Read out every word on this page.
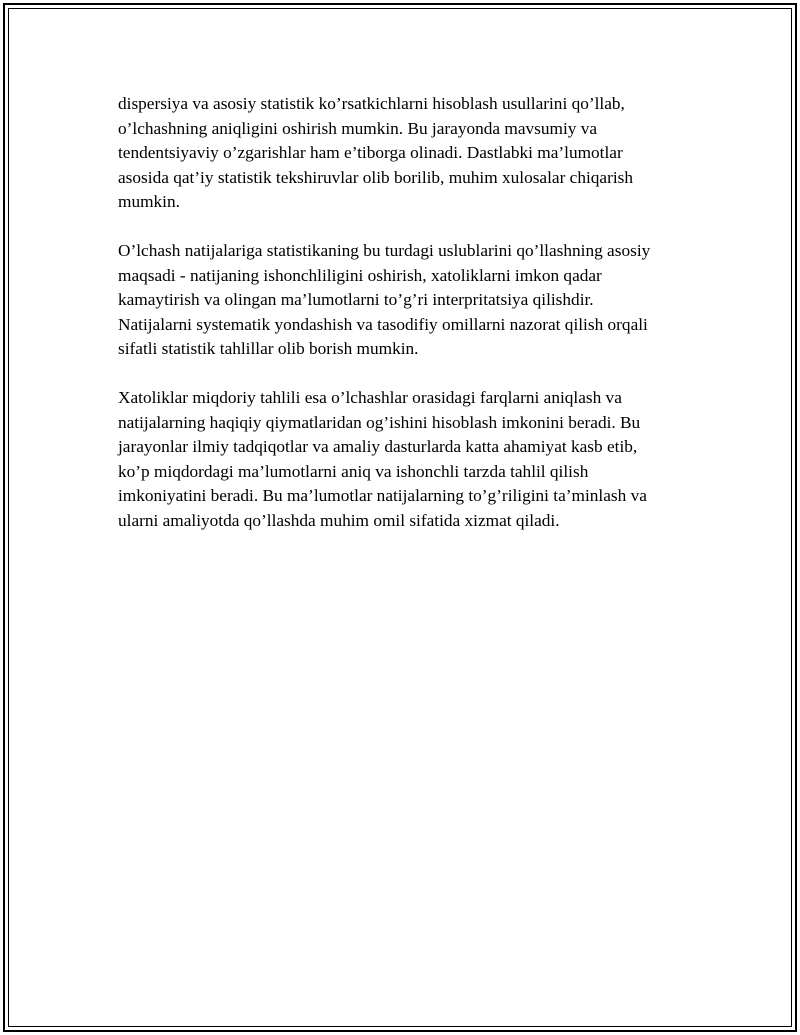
dispersiya va asosiy statistik ko’rsatkichlarni hisoblash usullarini qo’llab,
o’lchashning aniqligini oshirish mumkin. Bu jarayonda mavsumiy va
tendentsiyaviy o’zgarishlar ham e’tiborga olinadi. Dastlabki ma’lumotlar
asosida qat’iy statistik tekshiruvlar olib borilib, muhim xulosalar chiqarish
mumkin.
O’lchash natijalariga statistikaning bu turdagi uslublarini qo’llashning asosiy
maqsadi - natijaning ishonchliligini oshirish, xatoliklarni imkon qadar
kamaytirish va olingan ma’lumotlarni to’g’ri interpritatsiya qilishdir.
Natijalarni systematik yondashish va tasodifiy omillarni nazorat qilish orqali
sifatli statistik tahlillar olib borish mumkin.
Xatoliklar miqdoriy tahlili esa o’lchashlar orasidagi farqlarni aniqlash va
natijalarning haqiqiy qiymatlaridan og’ishini hisoblash imkonini beradi. Bu
jarayonlar ilmiy tadqiqotlar va amaliy dasturlarda katta ahamiyat kasb etib,
ko’p miqdordagi ma’lumotlarni aniq va ishonchli tarzda tahlil qilish
imkoniyatini beradi. Bu ma’lumotlar natijalarning to’g’riligini ta’minlash va
ularni amaliyotda qo’llashda muhim omil sifatida xizmat qiladi.
